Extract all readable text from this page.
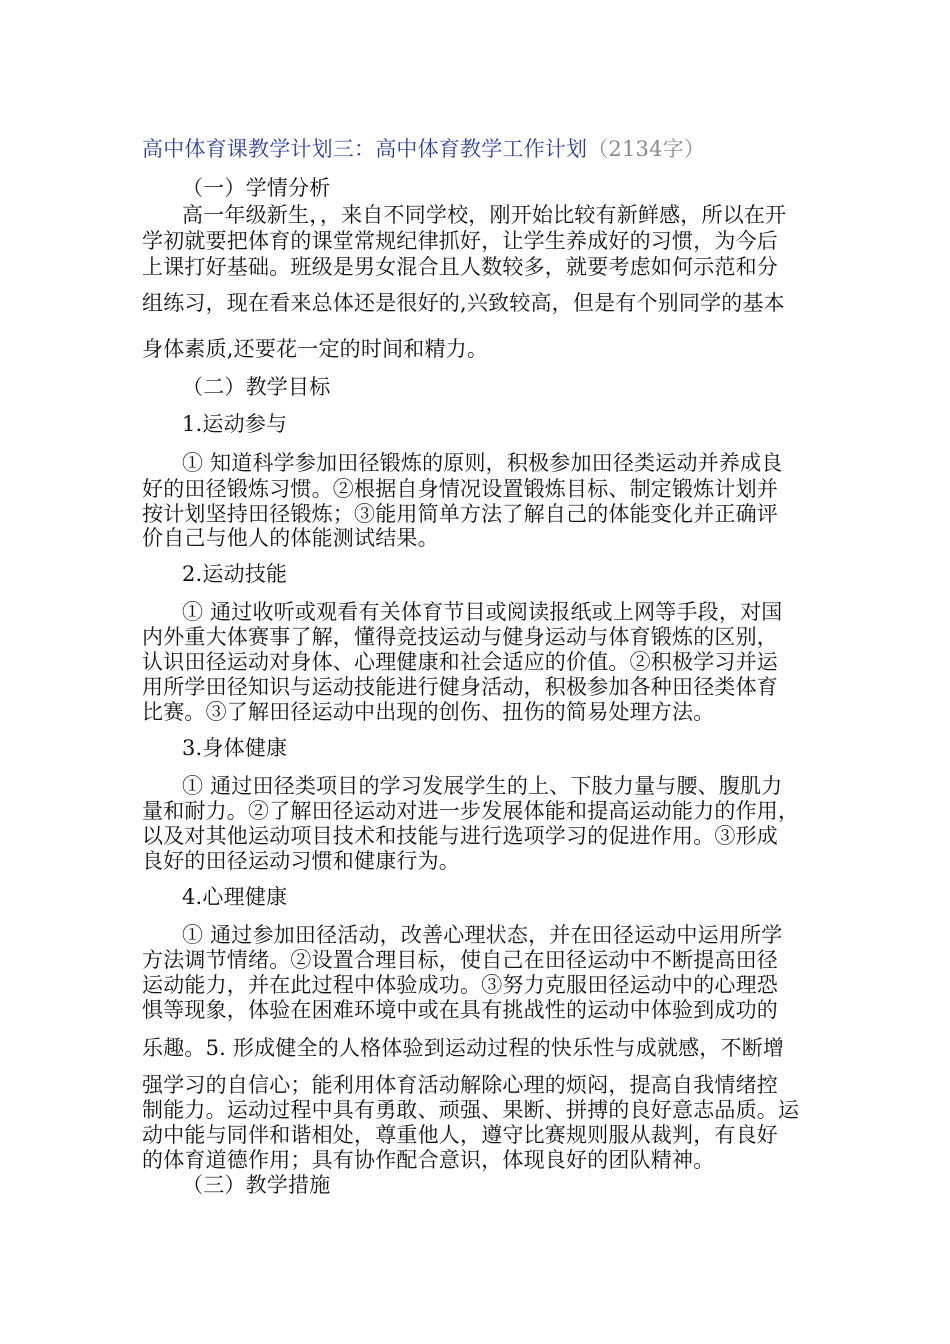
高中体育课教学计划三：高中体育教学工作计划（2134字）
（一）学情分析
高一年级新生，，来自不同学校，刚开始比较有新鲜感，所以在开
学初就要把体育的课堂常规纪律抓好，让学生养成好的习惯，为今后
上课打好基础。班级是男女混合且人数较多，就要考虑如何示范和分
组练习，现在看来总体还是很好的,兴致较高，但是有个别同学的基本
身体素质,还要花一定的时间和精力。
（二）教学目标
1.运动参与
① 知道科学参加田径锻炼的原则，积极参加田径类运动并养成良
好的田径锻炼习惯。②根据自身情况设置锻炼目标、制定锻炼计划并
按计划坚持田径锻炼；③能用简单方法了解自己的体能变化并正确评
价自己与他人的体能测试结果。
2.运动技能
① 通过收听或观看有关体育节目或阅读报纸或上网等手段，对国
内外重大体赛事了解，懂得竞技运动与健身运动与体育锻炼的区别，
认识田径运动对身体、心理健康和社会适应的价值。②积极学习并运
用所学田径知识与运动技能进行健身活动，积极参加各种田径类体育
比赛。③了解田径运动中出现的创伤、扭伤的简易处理方法。
3.身体健康
① 通过田径类项目的学习发展学生的上、下肢力量与腰、腹肌力
量和耐力。②了解田径运动对进一步发展体能和提高运动能力的作用，
以及对其他运动项目技术和技能与进行选项学习的促进作用。③形成
良好的田径运动习惯和健康行为。
4.心理健康
① 通过参加田径活动，改善心理状态，并在田径运动中运用所学
方法调节情绪。②设置合理目标，使自己在田径运动中不断提高田径
运动能力，并在此过程中体验成功。③努力克服田径运动中的心理恐
惧等现象，体验在困难环境中或在具有挑战性的运动中体验到成功的
乐趣。5. 形成健全的人格体验到运动过程的快乐性与成就感，不断增
强学习的自信心；能利用体育活动解除心理的烦闷，提高自我情绪控
制能力。运动过程中具有勇敢、顽强、果断、拼搏的良好意志品质。运
动中能与同伴和谐相处，尊重他人，遵守比赛规则服从裁判，有良好
的体育道德作用；具有协作配合意识，体现良好的团队精神。
（三）教学措施
